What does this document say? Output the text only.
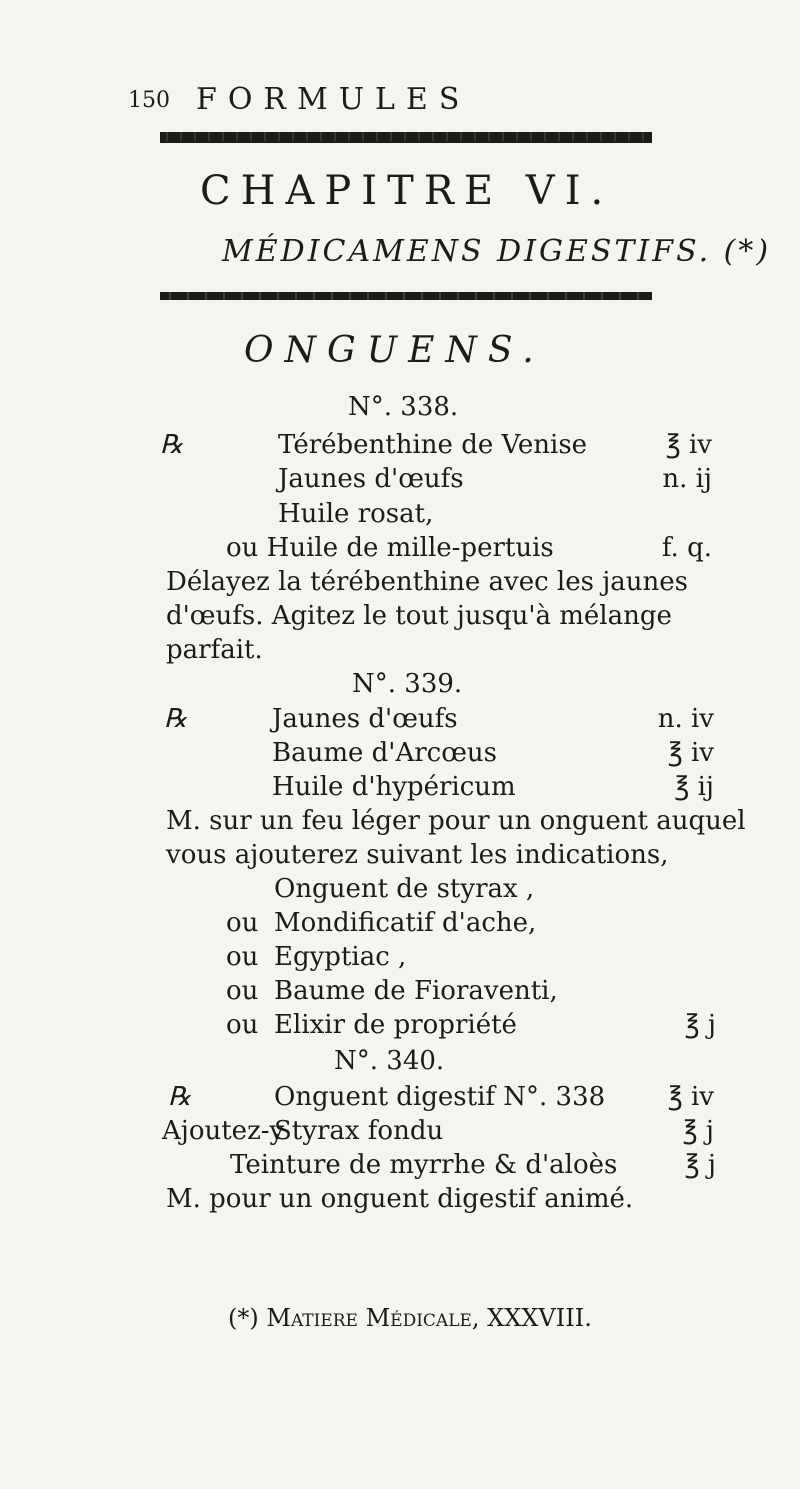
150 FORMULES
CHAPITRE VI.
MÉDICAMENS DIGESTIFS. (*)
ONGUENS.
N°. 338.
℞	Térébenthine de Venise	℥ iv
Jaunes d'œufs	n. ij
Huile rosat,
ou Huile de mille-pertuis	f. q.
Délayez la térébenthine avec les jaunes
d'œufs. Agitez le tout jusqu'à mélange
parfait.
N°. 339.
℞	Jaunes d'œufs	n. iv
Baume d'Arcœus	℥ iv
Huile d'hypéricum	℥ ij
M. sur un feu léger pour un onguent auquel
vous ajouterez suivant les indications,
Onguent de styrax ,
ou Mondificatif d'ache,
ou Egyptiac ,
ou Baume de Fioraventi,
ou Elixir de propriété	℥ j
N°. 340.
℞	Onguent digestif N°. 338	℥ iv
Ajoutez-y
Styrax fondu	℥ j
Teinture de myrrhe & d'aloès	℥ j
M. pour un onguent digestif animé.
(*) Matiere Médicale, XXXVIII.
